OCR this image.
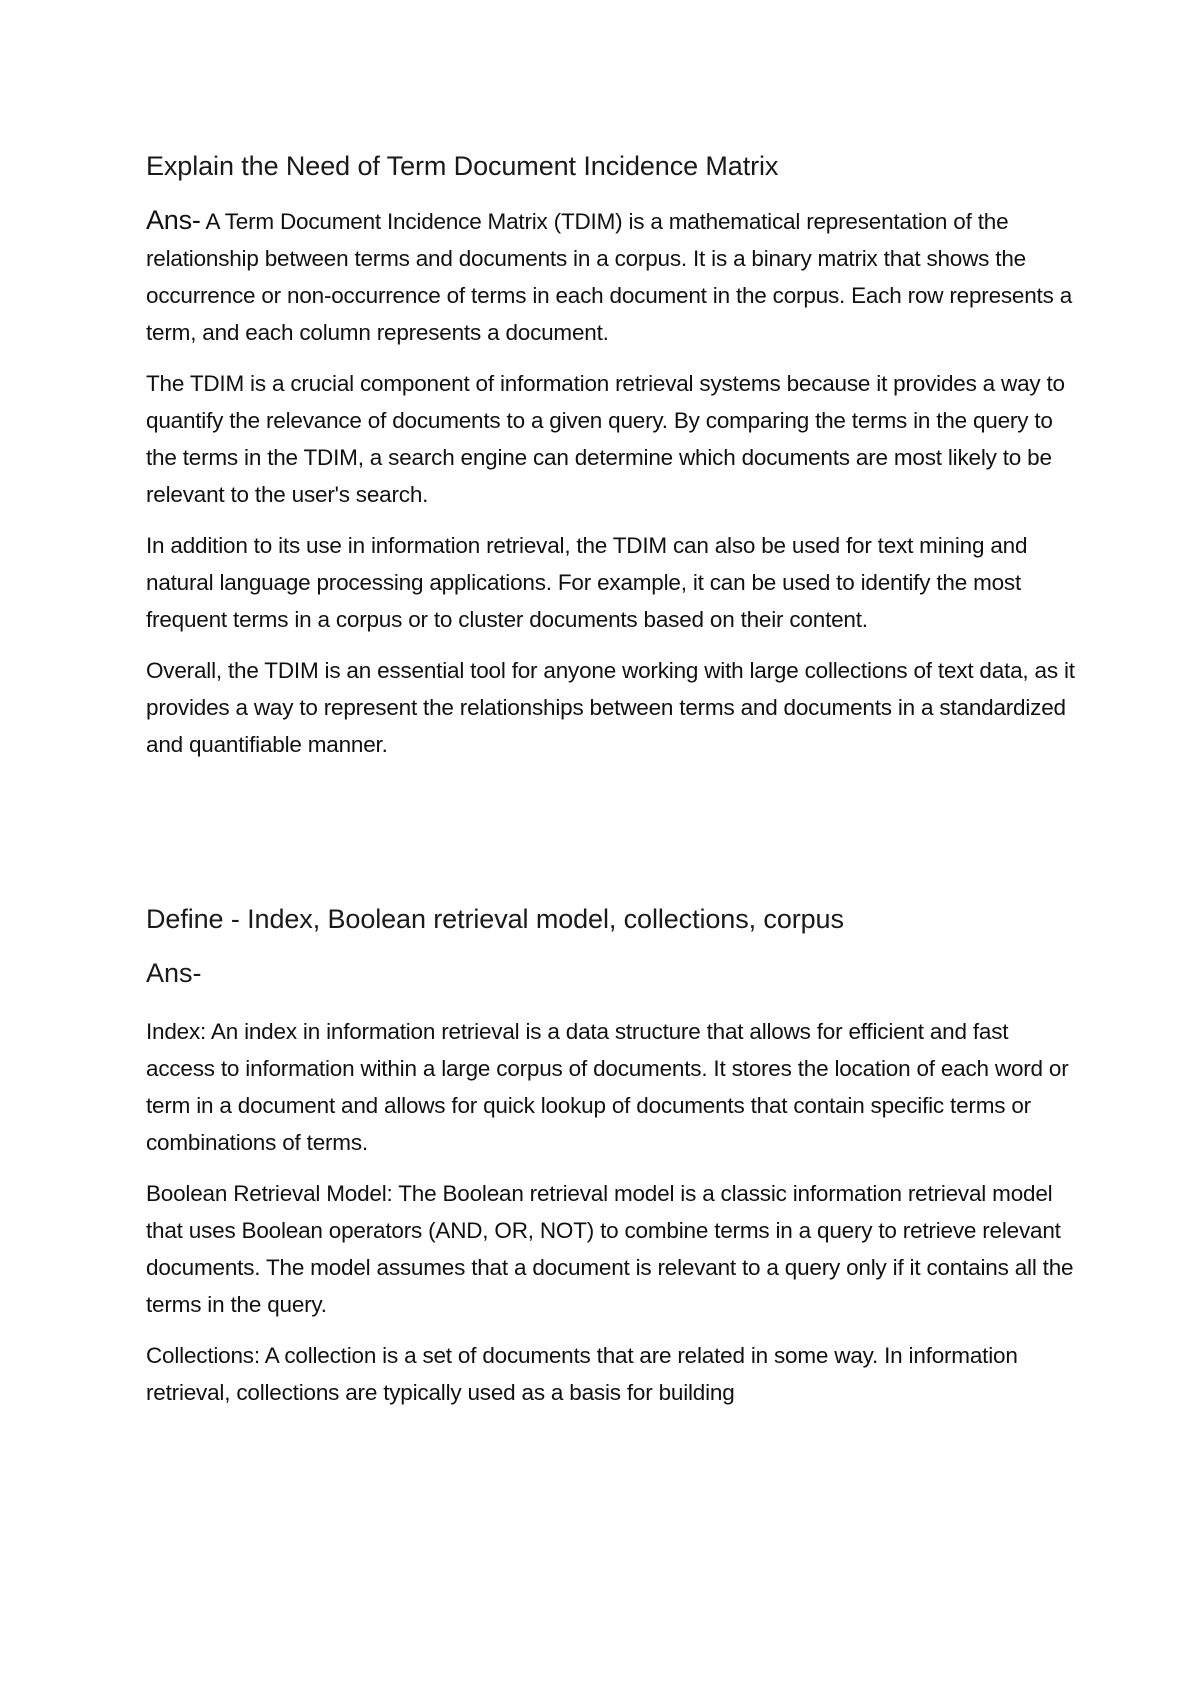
Explain the Need of Term Document Incidence Matrix

Ans- A Term Document Incidence Matrix (TDIM) is a mathematical representation of the relationship between terms and documents in a corpus. It is a binary matrix that shows the occurrence or non-occurrence of terms in each document in the corpus. Each row represents a term, and each column represents a document.

The TDIM is a crucial component of information retrieval systems because it provides a way to quantify the relevance of documents to a given query. By comparing the terms in the query to the terms in the TDIM, a search engine can determine which documents are most likely to be relevant to the user's search.

In addition to its use in information retrieval, the TDIM can also be used for text mining and natural language processing applications. For example, it can be used to identify the most frequent terms in a corpus or to cluster documents based on their content.

Overall, the TDIM is an essential tool for anyone working with large collections of text data, as it provides a way to represent the relationships between terms and documents in a standardized and quantifiable manner.

Define - Index, Boolean retrieval model, collections, corpus
Ans-

Index: An index in information retrieval is a data structure that allows for efficient and fast access to information within a large corpus of documents. It stores the location of each word or term in a document and allows for quick lookup of documents that contain specific terms or combinations of terms.

Boolean Retrieval Model: The Boolean retrieval model is a classic information retrieval model that uses Boolean operators (AND, OR, NOT) to combine terms in a query to retrieve relevant documents. The model assumes that a document is relevant to a query only if it contains all the terms in the query.

Collections: A collection is a set of documents that are related in some way. In information retrieval, collections are typically used as a basis for building
